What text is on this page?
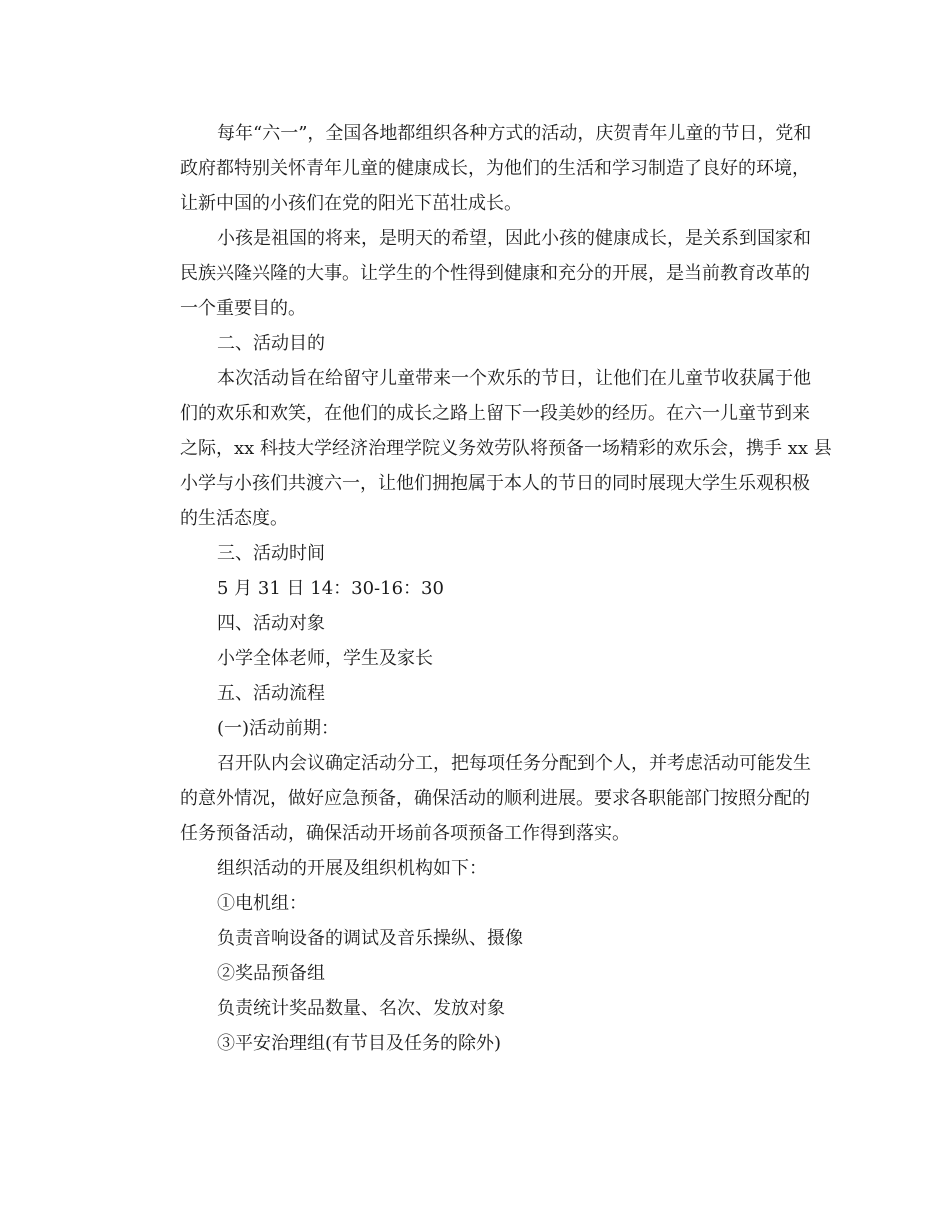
每年“六一”，全国各地都组织各种方式的活动，庆贺青年儿童的节日，党和
政府都特别关怀青年儿童的健康成长，为他们的生活和学习制造了良好的环境，
让新中国的小孩们在党的阳光下茁壮成长。
小孩是祖国的将来，是明天的希望，因此小孩的健康成长，是关系到国家和
民族兴隆兴隆的大事。让学生的个性得到健康和充分的开展，是当前教育改革的
一个重要目的。
二、活动目的
本次活动旨在给留守儿童带来一个欢乐的节日，让他们在儿童节收获属于他
们的欢乐和欢笑，在他们的成长之路上留下一段美妙的经历。在六一儿童节到来
之际，xx 科技大学经济治理学院义务效劳队将预备一场精彩的欢乐会，携手 xx 县
小学与小孩们共渡六一，让他们拥抱属于本人的节日的同时展现大学生乐观积极
的生活态度。
三、活动时间
5 月 31 日 14：30-16：30
四、活动对象
小学全体老师，学生及家长
五、活动流程
(一)活动前期：
召开队内会议确定活动分工，把每项任务分配到个人，并考虑活动可能发生
的意外情况，做好应急预备，确保活动的顺利进展。要求各职能部门按照分配的
任务预备活动，确保活动开场前各项预备工作得到落实。
组织活动的开展及组织机构如下：
①电机组：
负责音响设备的调试及音乐操纵、摄像
②奖品预备组
负责统计奖品数量、名次、发放对象
③平安治理组(有节目及任务的除外)
